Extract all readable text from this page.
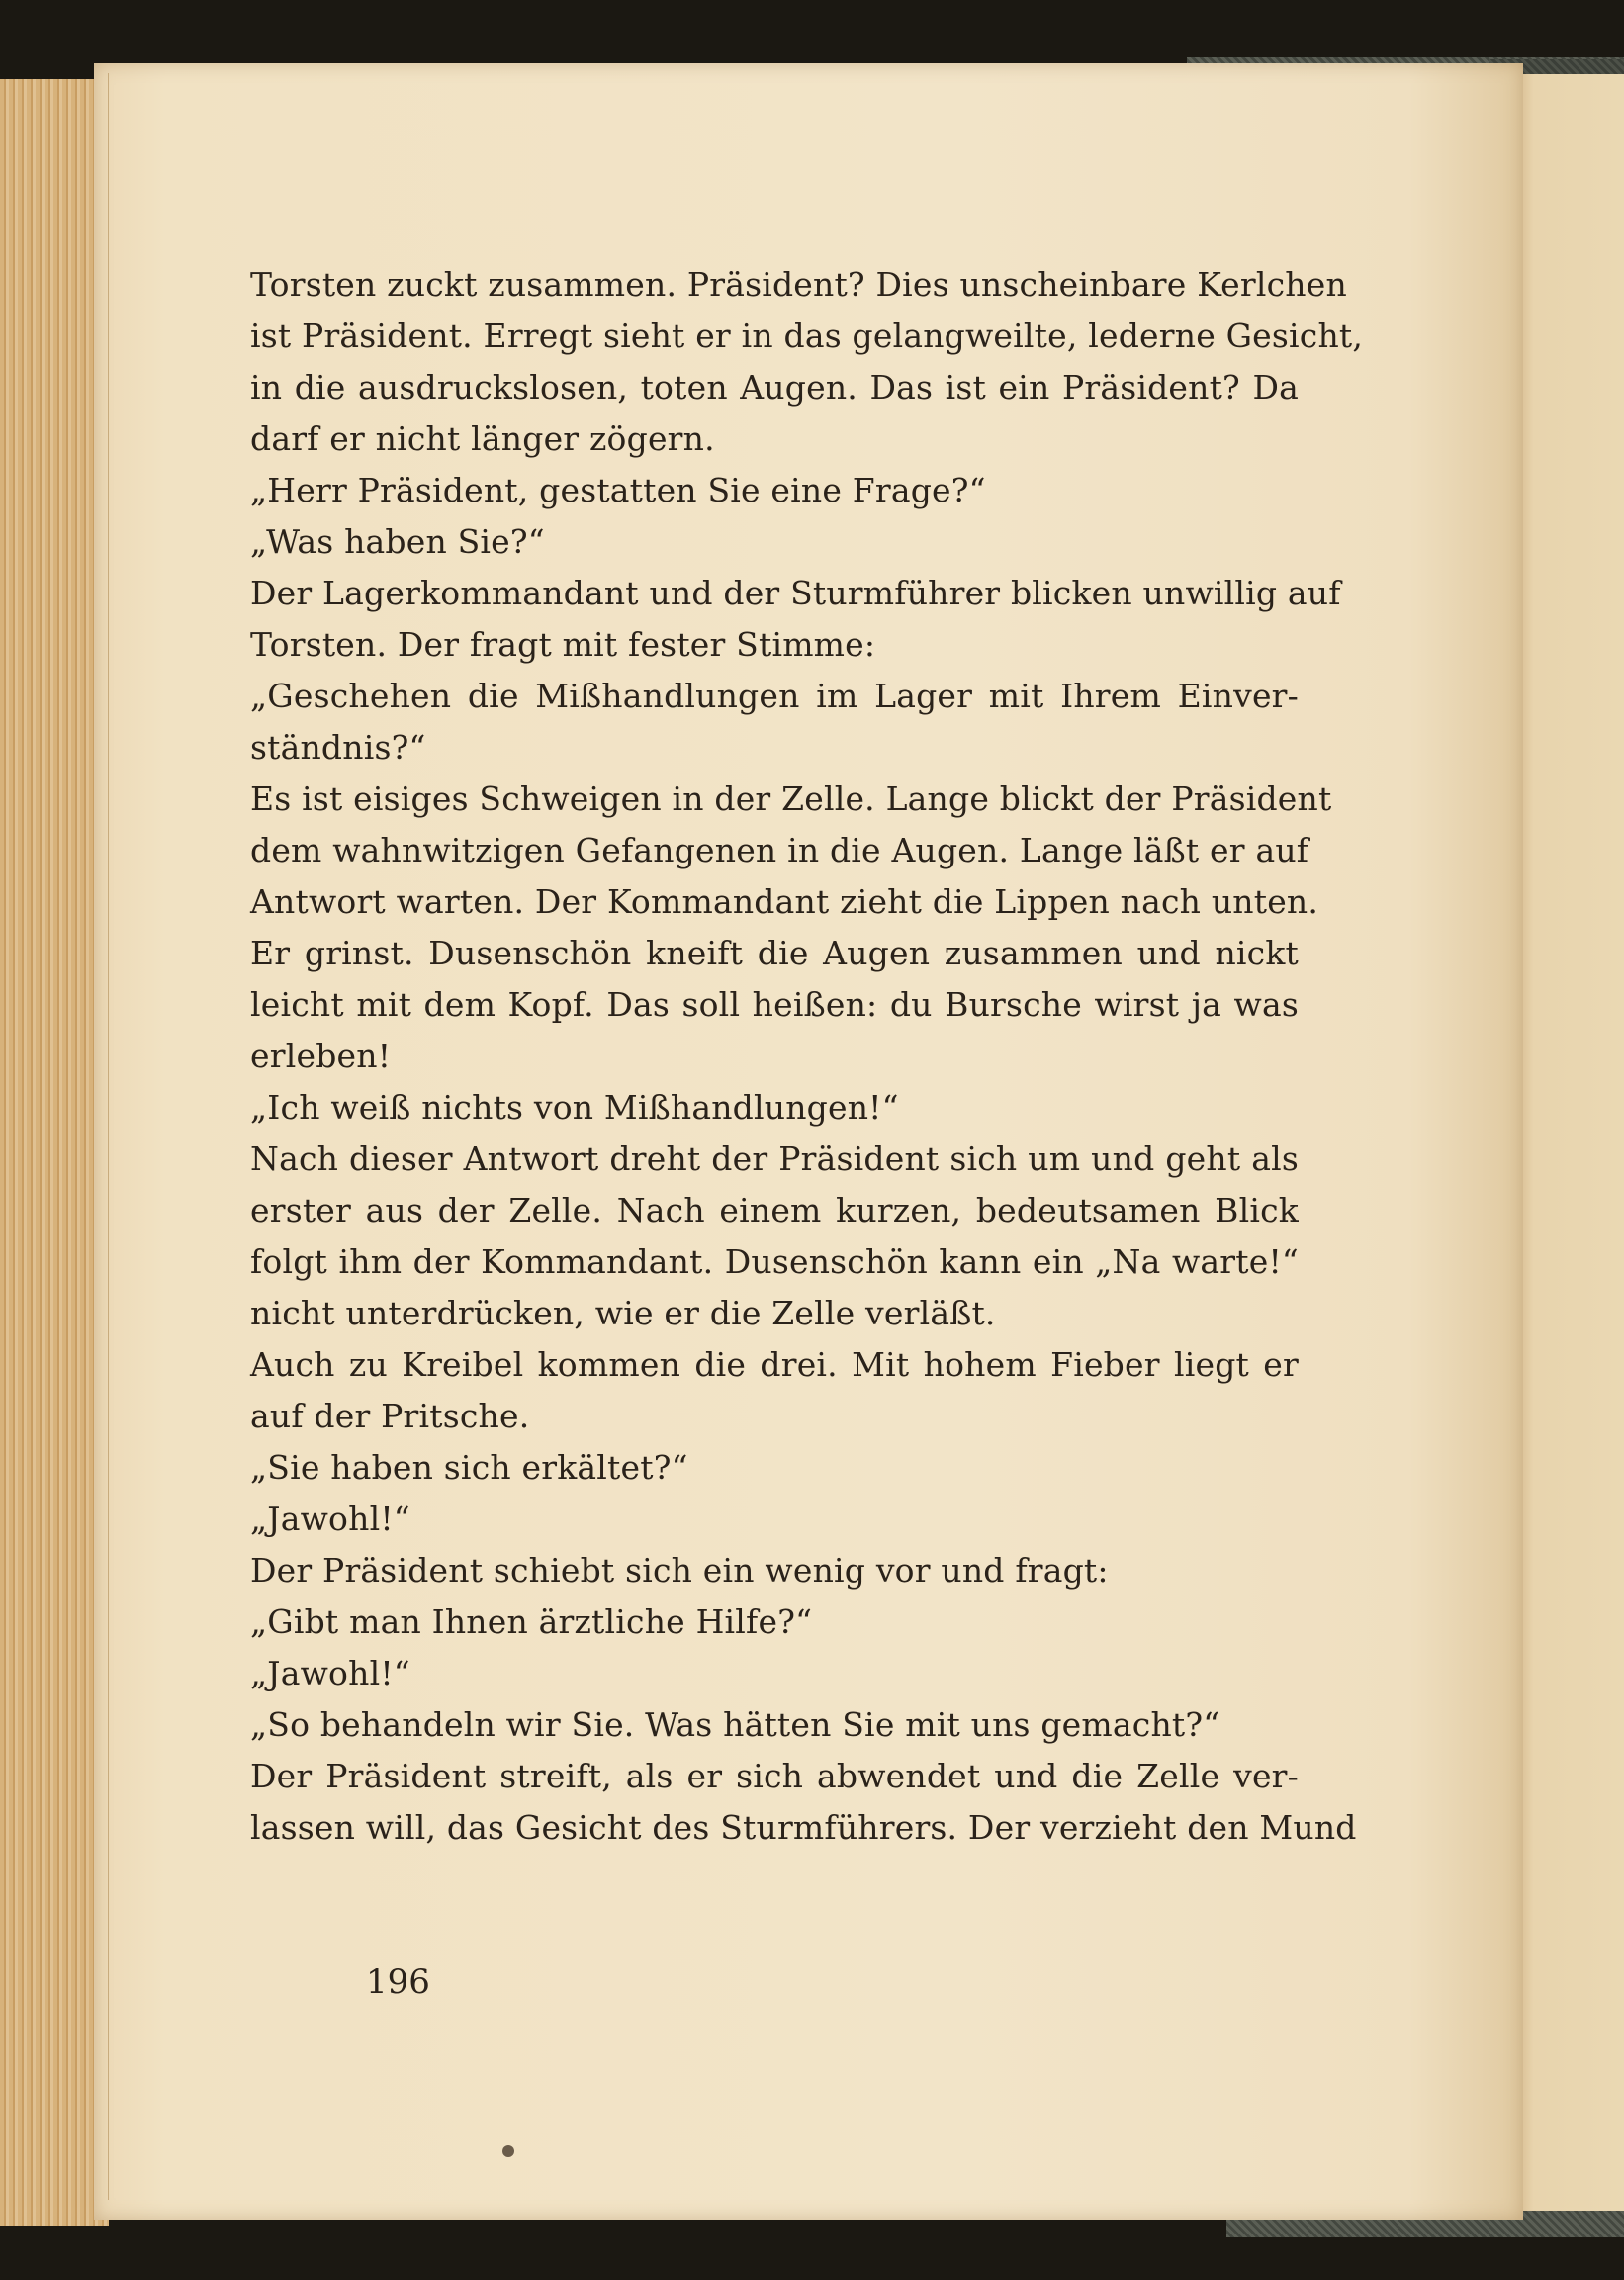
Torsten zuckt zusammen. Präsident? Dies unscheinbare Kerlchen
ist Präsident. Erregt sieht er in das gelangweilte, lederne Gesicht,
in die ausdruckslosen, toten Augen. Das ist ein Präsident? Da
darf er nicht länger zögern.
„Herr Präsident, gestatten Sie eine Frage?“
„Was haben Sie?“
Der Lagerkommandant und der Sturmführer blicken unwillig auf
Torsten. Der fragt mit fester Stimme:
„Geschehen die Mißhandlungen im Lager mit Ihrem Einver-
ständnis?“
Es ist eisiges Schweigen in der Zelle. Lange blickt der Präsident
dem wahnwitzigen Gefangenen in die Augen. Lange läßt er auf
Antwort warten. Der Kommandant zieht die Lippen nach unten.
Er grinst. Dusenschön kneift die Augen zusammen und nickt
leicht mit dem Kopf. Das soll heißen: du Bursche wirst ja was
erleben!
„Ich weiß nichts von Mißhandlungen!“
Nach dieser Antwort dreht der Präsident sich um und geht als
erster aus der Zelle. Nach einem kurzen, bedeutsamen Blick
folgt ihm der Kommandant. Dusenschön kann ein „Na warte!“
nicht unterdrücken, wie er die Zelle verläßt.
Auch zu Kreibel kommen die drei. Mit hohem Fieber liegt er
auf der Pritsche.
„Sie haben sich erkältet?“
„Jawohl!“
Der Präsident schiebt sich ein wenig vor und fragt:
„Gibt man Ihnen ärztliche Hilfe?“
„Jawohl!“
„So behandeln wir Sie. Was hätten Sie mit uns gemacht?“
Der Präsident streift, als er sich abwendet und die Zelle ver-
lassen will, das Gesicht des Sturmführers. Der verzieht den Mund
196
